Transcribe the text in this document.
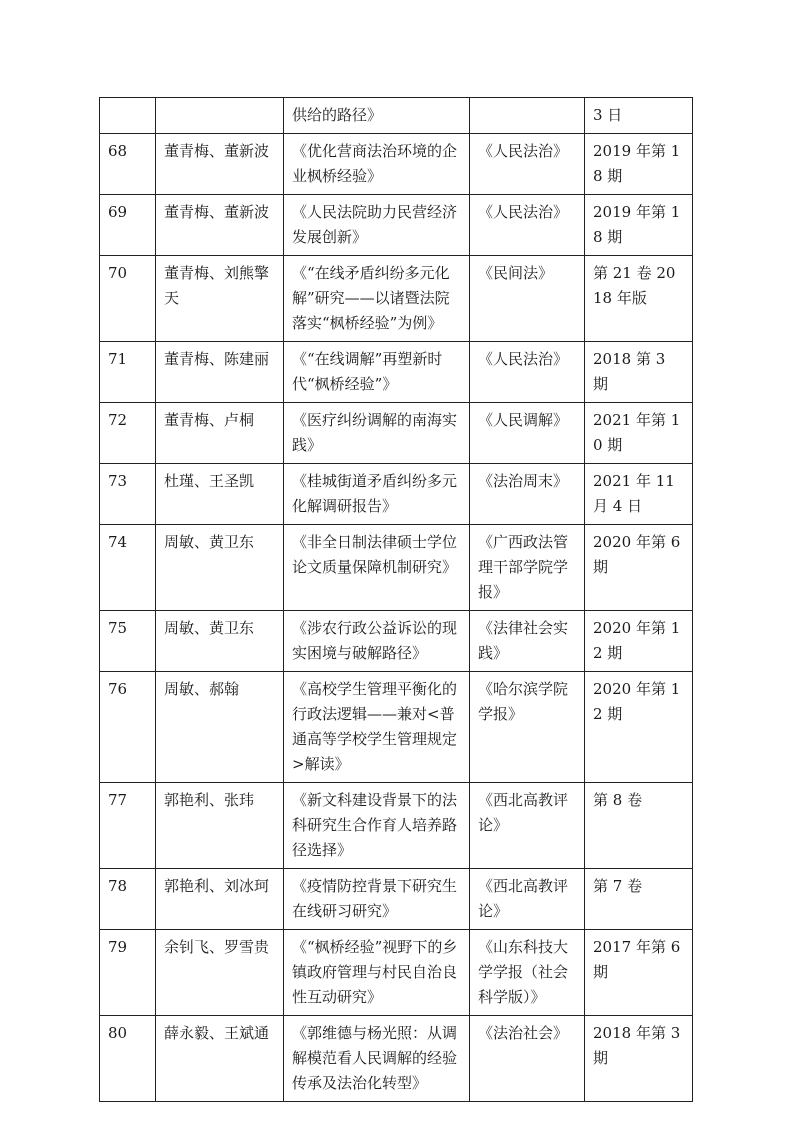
		供给的路径》		3 日
68	董青梅、董新波	《优化营商法治环境的企业枫桥经验》	《人民法治》	2019 年第 18 期
69	董青梅、董新波	《人民法院助力民营经济发展创新》	《人民法治》	2019 年第 18 期
70	董青梅、刘熊擎天	《“在线矛盾纠纷多元化解”研究——以诸暨法院落实“枫桥经验”为例》	《民间法》	第 21 卷 2018 年版
71	董青梅、陈建丽	《“在线调解”再塑新时代“枫桥经验”》	《人民法治》	2018 第 3 期
72	董青梅、卢桐	《医疗纠纷调解的南海实践》	《人民调解》	2021 年第 10 期
73	杜瑾、王圣凯	《桂城街道矛盾纠纷多元化解调研报告》	《法治周末》	2021 年 11 月 4 日
74	周敏、黄卫东	《非全日制法律硕士学位论文质量保障机制研究》	《广西政法管理干部学院学报》	2020 年第 6 期
75	周敏、黄卫东	《涉农行政公益诉讼的现实困境与破解路径》	《法律社会实践》	2020 年第 12 期
76	周敏、郝翰	《高校学生管理平衡化的行政法逻辑——兼对<普通高等学校学生管理规定>解读》	《哈尔滨学院学报》	2020 年第 12 期
77	郭艳利、张玮	《新文科建设背景下的法科研究生合作育人培养路径选择》	《西北高教评论》	第 8 卷
78	郭艳利、刘冰珂	《疫情防控背景下研究生在线研习研究》	《西北高教评论》	第 7 卷
79	余钊飞、罗雪贵	《“枫桥经验”视野下的乡镇政府管理与村民自治良性互动研究》	《山东科技大学学报（社会科学版）》	2017 年第 6 期
80	薛永毅、王斌通	《郭维德与杨光照：从调解模范看人民调解的经验传承及法治化转型》	《法治社会》	2018 年第 3 期
